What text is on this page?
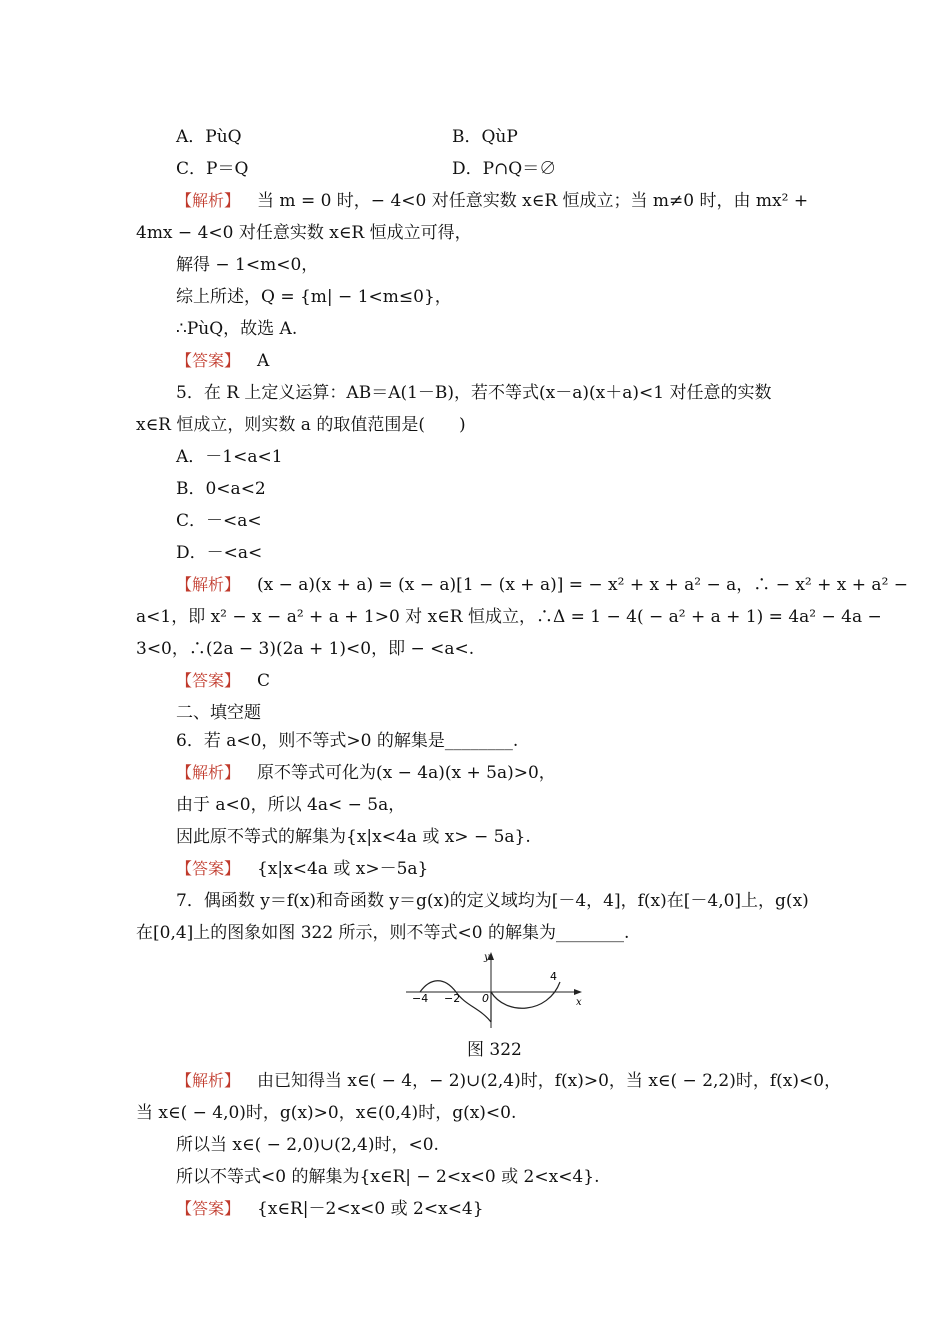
A．PùQ	B．QùP
C．P＝Q	D．P∩Q＝∅
【解析】  当 m = 0 时，− 4<0 对任意实数 x∈R 恒成立；当 m≠0 时，由 mx² +
4mx − 4<0 对任意实数 x∈R 恒成立可得，
解得 − 1<m<0，
综上所述，Q = {m| − 1<m≤0}，
∴PùQ，故选 A.
【答案】  A
5．在 R 上定义运算：AB＝A(1－B)，若不等式(x－a)(x＋a)<1 对任意的实数
x∈R 恒成立，则实数 a 的取值范围是(　　)
A．－1<a<1
B．0<a<2
C．－<a<
D．－<a<
【解析】  (x − a)(x + a) = (x − a)[1 − (x + a)] = − x² + x + a² − a，∴ − x² + x + a² −
a<1，即 x² − x − a² + a + 1>0 对 x∈R 恒成立，∴Δ = 1 − 4( − a² + a + 1) = 4a² − 4a −
3<0，∴(2a − 3)(2a + 1)<0，即 − <a<.
【答案】  C
二、填空题
6．若 a<0，则不等式>0 的解集是________.
【解析】  原不等式可化为(x − 4a)(x + 5a)>0，
由于 a<0，所以 4a< − 5a，
因此原不等式的解集为{x|x<4a 或 x> − 5a}.
【答案】  {x|x<4a 或 x>－5a}
7．偶函数 y＝f(x)和奇函数 y＝g(x)的定义域均为[－4，4]，f(x)在[－4,0]上，g(x)
在[0,4]上的图象如图 322 所示，则不等式<0 的解集为________.
【解析】  由已知得当 x∈( − 4，− 2)∪(2,4)时，f(x)>0，当 x∈( − 2,2)时，f(x)<0，
当 x∈( − 4,0)时，g(x)>0，x∈(0,4)时，g(x)<0.
所以当 x∈( − 2,0)∪(2,4)时，<0.
所以不等式<0 的解集为{x∈R| − 2<x<0 或 2<x<4}.
【答案】  {x∈R|－2<x<0 或 2<x<4}
y
x
4
−4 −2 0
图 322
